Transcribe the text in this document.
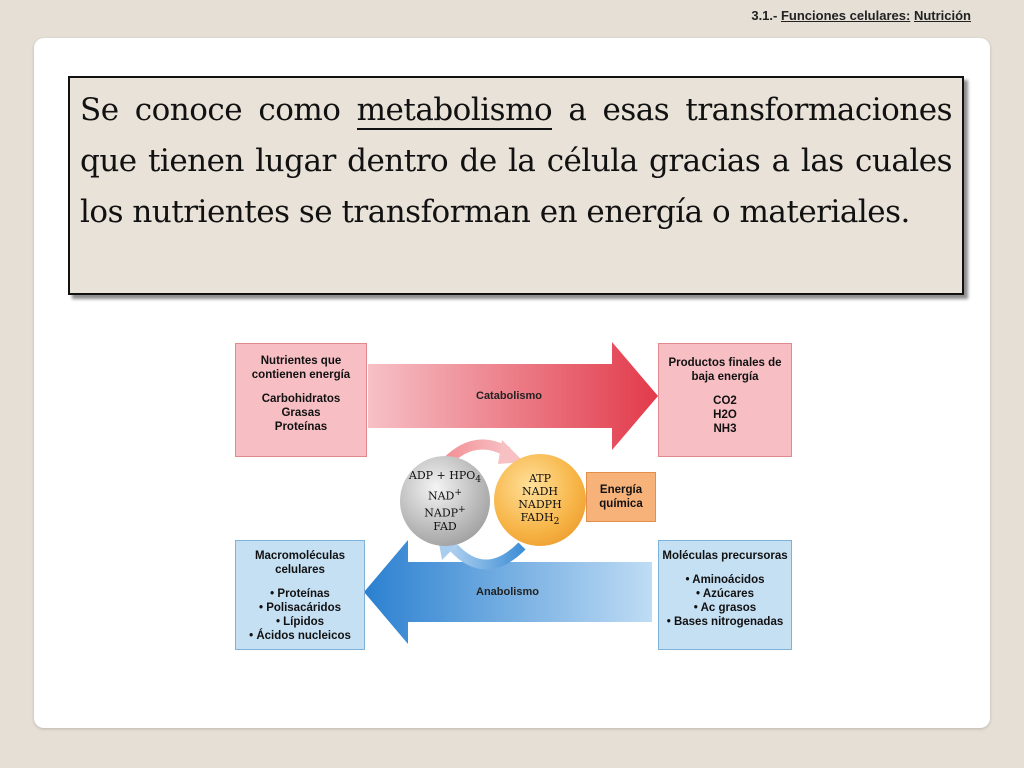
3.1.- Funciones celulares: Nutrición

Se conoce como metabolismo a esas transformaciones que tienen lugar dentro de la célula gracias a las cuales los nutrientes se transforman en energía o materiales.

Catabolismo
Anabolismo
Nutrientes que contienen energía
Carbohidratos
Grasas
Proteínas
Productos finales de baja energía
CO2
H2O
NH3
Macromoléculas celulares
• Proteínas
• Polisacáridos
• Lípidos
• Ácidos nucleicos
Moléculas precursoras
• Aminoácidos
• Azúcares
• Ac grasos
• Bases nitrogenadas
ADP + $HPO_4$
NAD+
NADP+
FAD
ATP
NADH
NADPH
$FADH_2$
Energía química
